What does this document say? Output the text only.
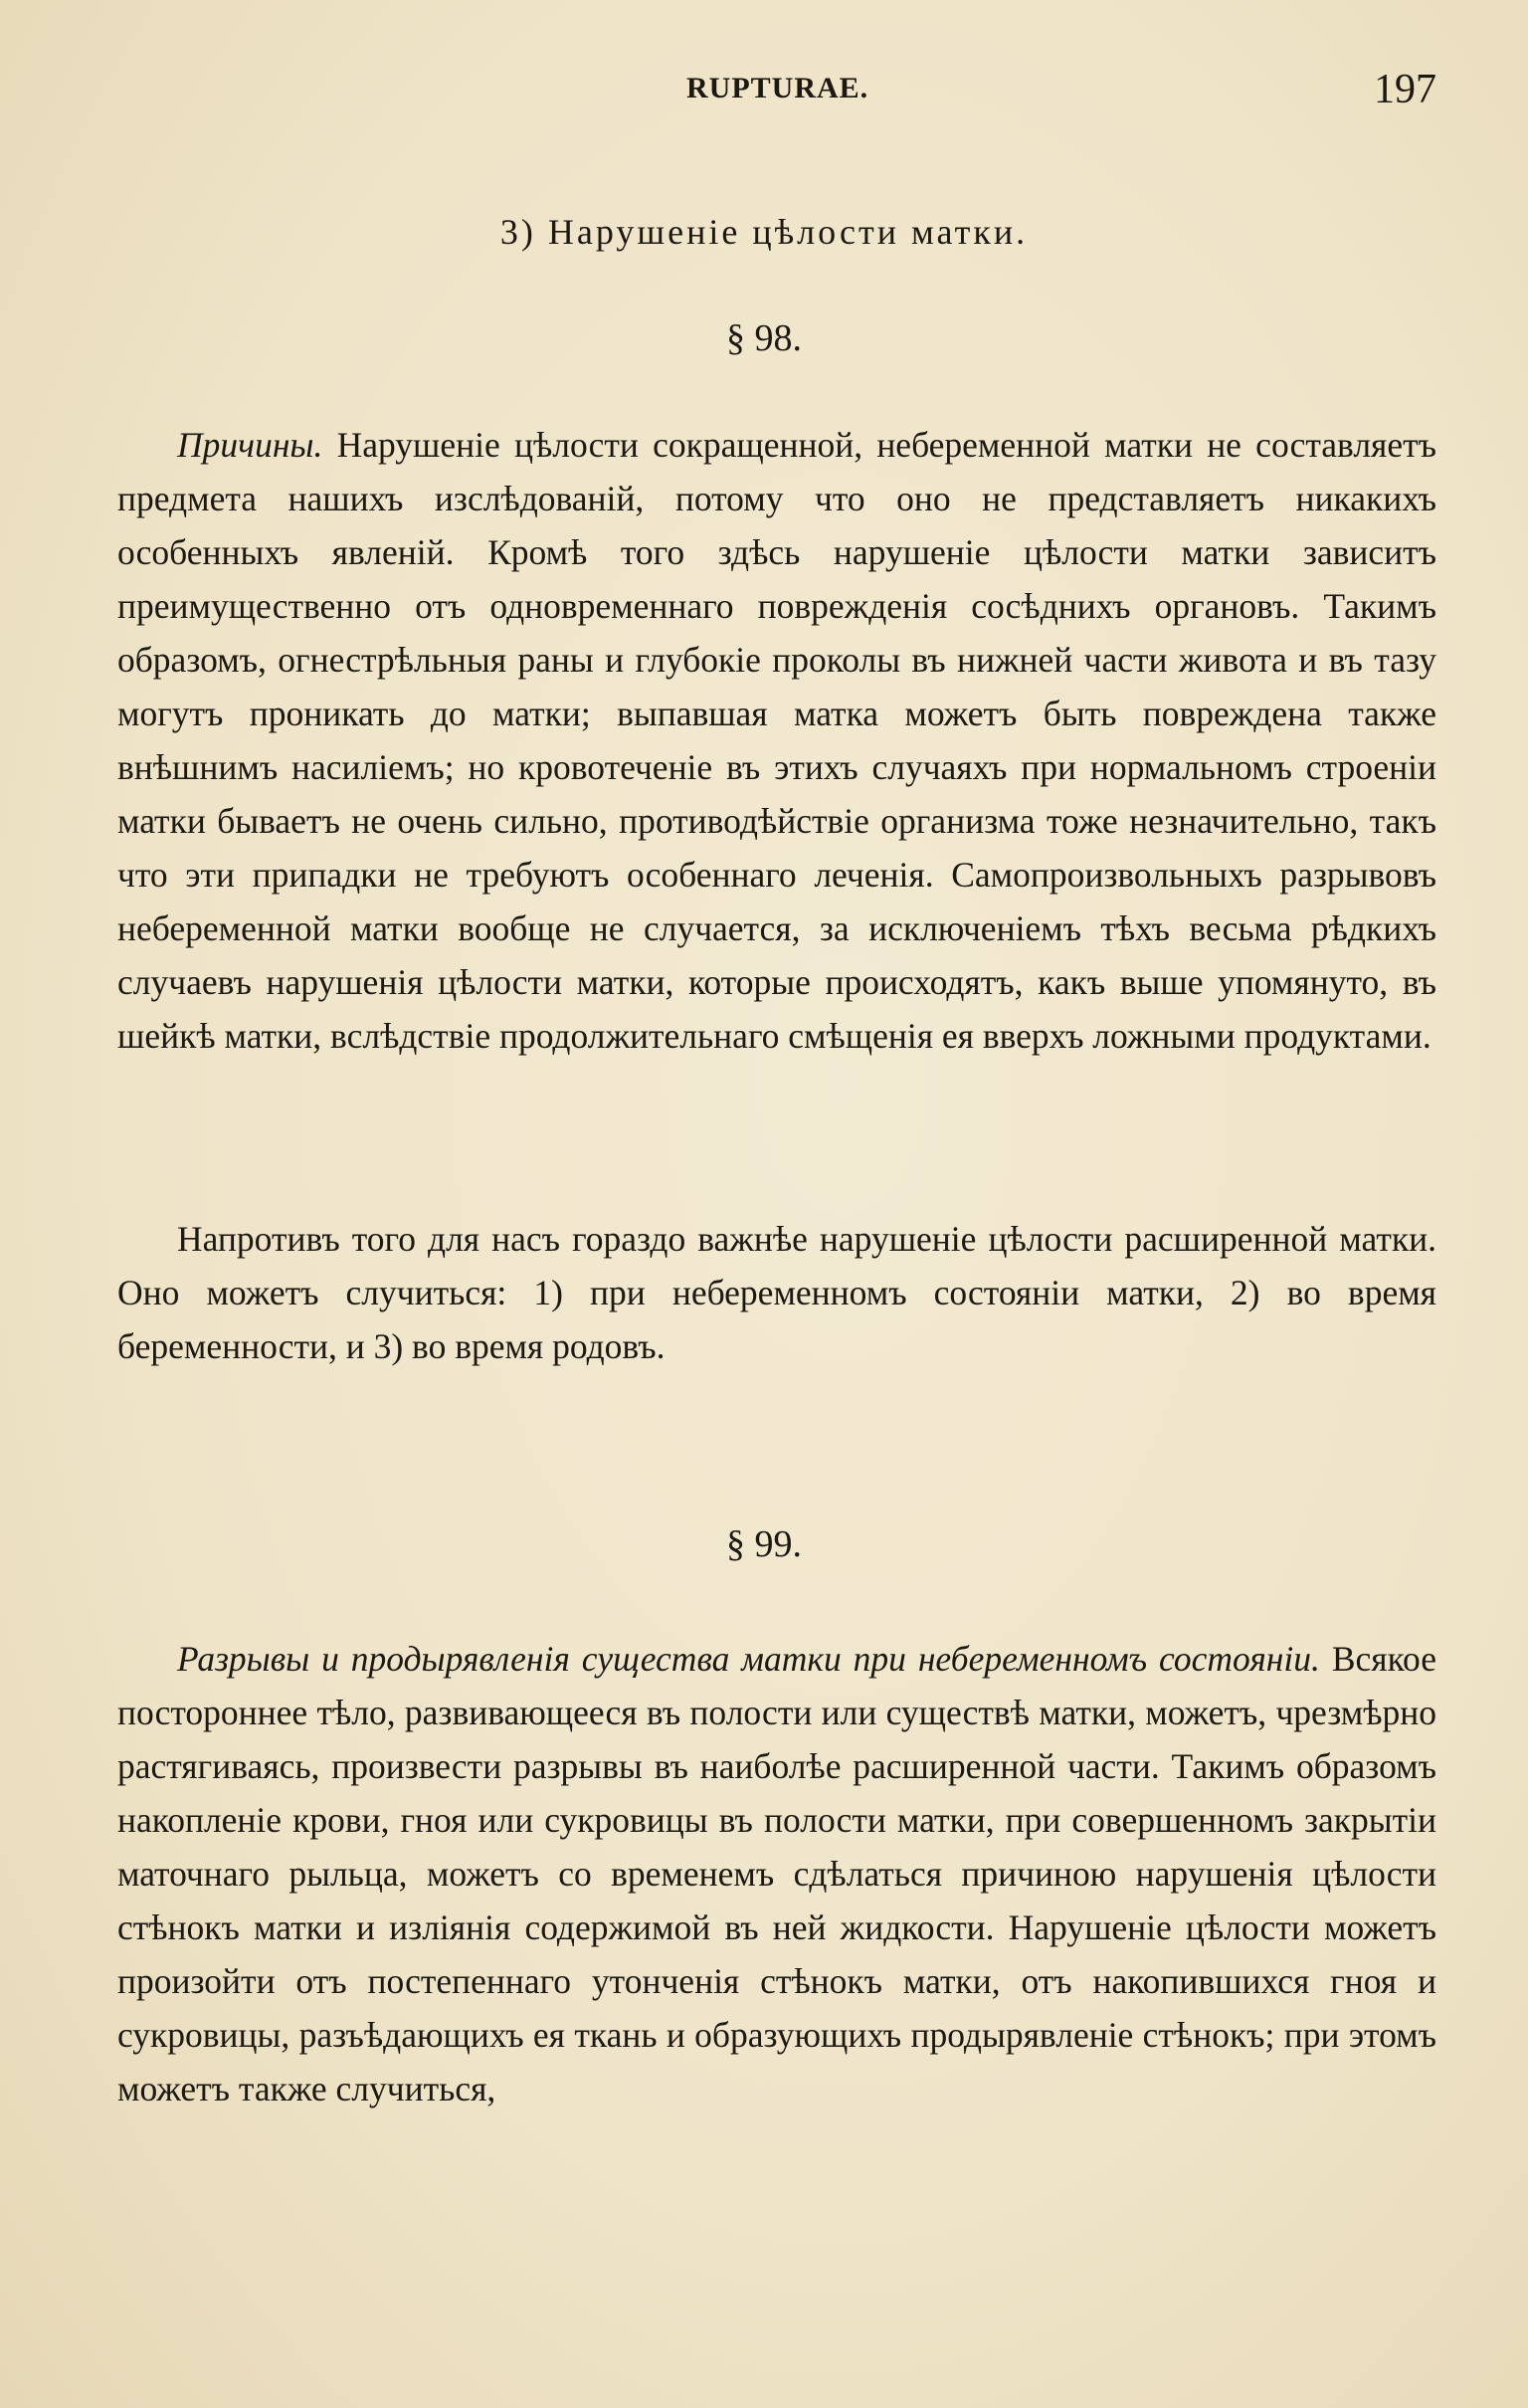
RUPTURAE.	197
3) Нарушеніе цѣлости матки.
§ 98.

Причины. Нарушеніе цѣлости сокращенной, небеременной матки не составляетъ предмета нашихъ изслѣдованій, потому что оно не представляетъ никакихъ особенныхъ явленій. Кромѣ того здѣсь нарушеніе цѣлости матки зависитъ преимущественно отъ одновременнаго поврежденія сосѣднихъ органовъ. Такимъ образомъ, огнестрѣльныя раны и глубокіе проколы въ нижней части живота и въ тазу могутъ проникать до матки; выпавшая матка можетъ быть повреждена также внѣшнимъ насиліемъ; но кровотеченіе въ этихъ случаяхъ при нормальномъ строеніи матки бываетъ не очень сильно, противодѣйствіе организма тоже незначительно, такъ что эти припадки не требуютъ особеннаго леченія. Самопроизвольныхъ разрывовъ небеременной матки вообще не случается, за исключеніемъ тѣхъ весьма рѣдкихъ случаевъ нарушенія цѣлости матки, которые происходятъ, какъ выше упомянуто, въ шейкѣ матки, вслѣдствіе продолжительнаго смѣщенія ея вверхъ ложными продуктами.

Напротивъ того для насъ гораздо важнѣе нарушеніе цѣлости расширенной матки. Оно можетъ случиться: 1) при небеременномъ состояніи матки, 2) во время беременности, и 3) во время родовъ.

§ 99.

Разрывы и продырявленія существа матки при небеременномъ состояніи. Всякое постороннее тѣло, развивающееся въ полости или существѣ матки, можетъ, чрезмѣрно растягиваясь, произвести разрывы въ наиболѣе расширенной части. Такимъ образомъ накопленіе крови, гноя или сукровицы въ полости матки, при совершенномъ закрытіи маточнаго рыльца, можетъ со временемъ сдѣлаться причиною нарушенія цѣлости стѣнокъ матки и изліянія содержимой въ ней жидкости. Нарушеніе цѣлости можетъ произойти отъ постепеннаго утонченія стѣнокъ матки, отъ накопившихся гноя и сукровицы, разъѣдающихъ ея ткань и образующихъ продырявленіе стѣнокъ; при этомъ можетъ также случиться,
